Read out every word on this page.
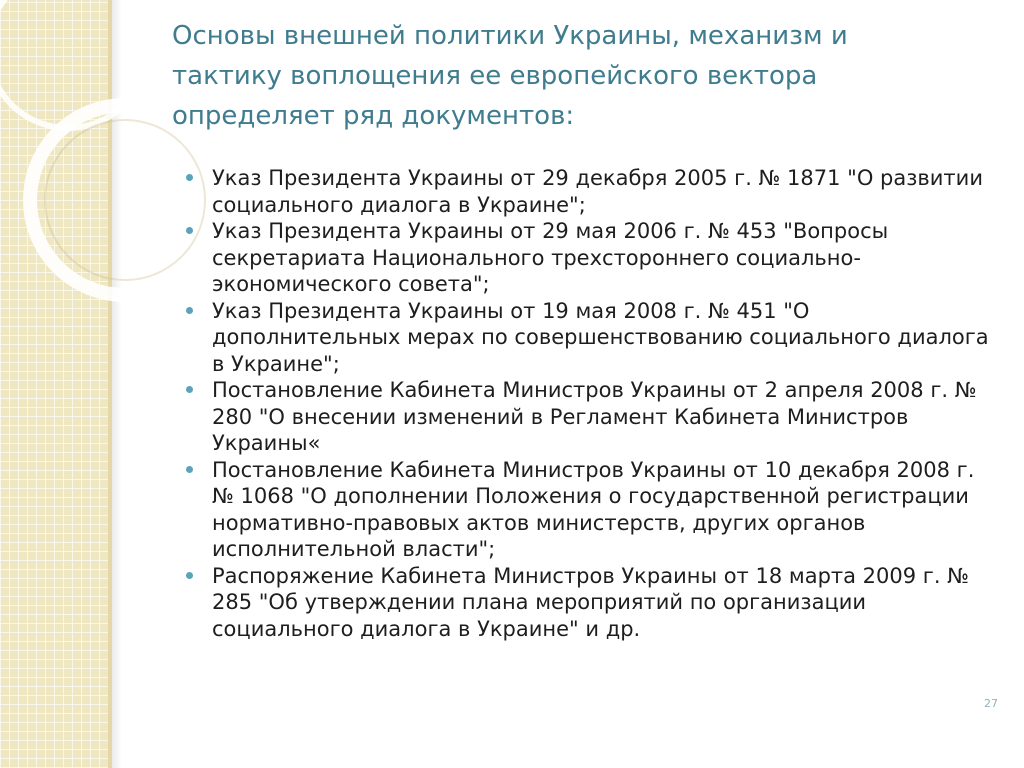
Основы внешней политики Украины, механизм и тактику воплощения ее европейского вектора определяет ряд документов:
Указ Президента Украины от 29 декабря 2005 г. № 1871 "О развитии социального диалога в Украине";
Указ Президента Украины от 29 мая 2006 г. № 453 "Вопросы секретариата Национального трехстороннего социально-экономического совета";
Указ Президента Украины от 19 мая 2008 г. № 451 "О дополнительных мерах по совершенствованию социального диалога в Украине";
Постановление Кабинета Министров Украины от 2 апреля 2008 г. № 280 "О внесении изменений в Регламент Кабинета Министров Украины«
Постановление Кабинета Министров Украины от 10 декабря 2008 г. № 1068 "О дополнении Положения о государственной регистрации нормативно-правовых актов министерств, других органов исполнительной власти";
Распоряжение Кабинета Министров Украины от 18 марта 2009 г. № 285 "Об утверждении плана мероприятий по организации социального диалога в Украине" и др.
27
